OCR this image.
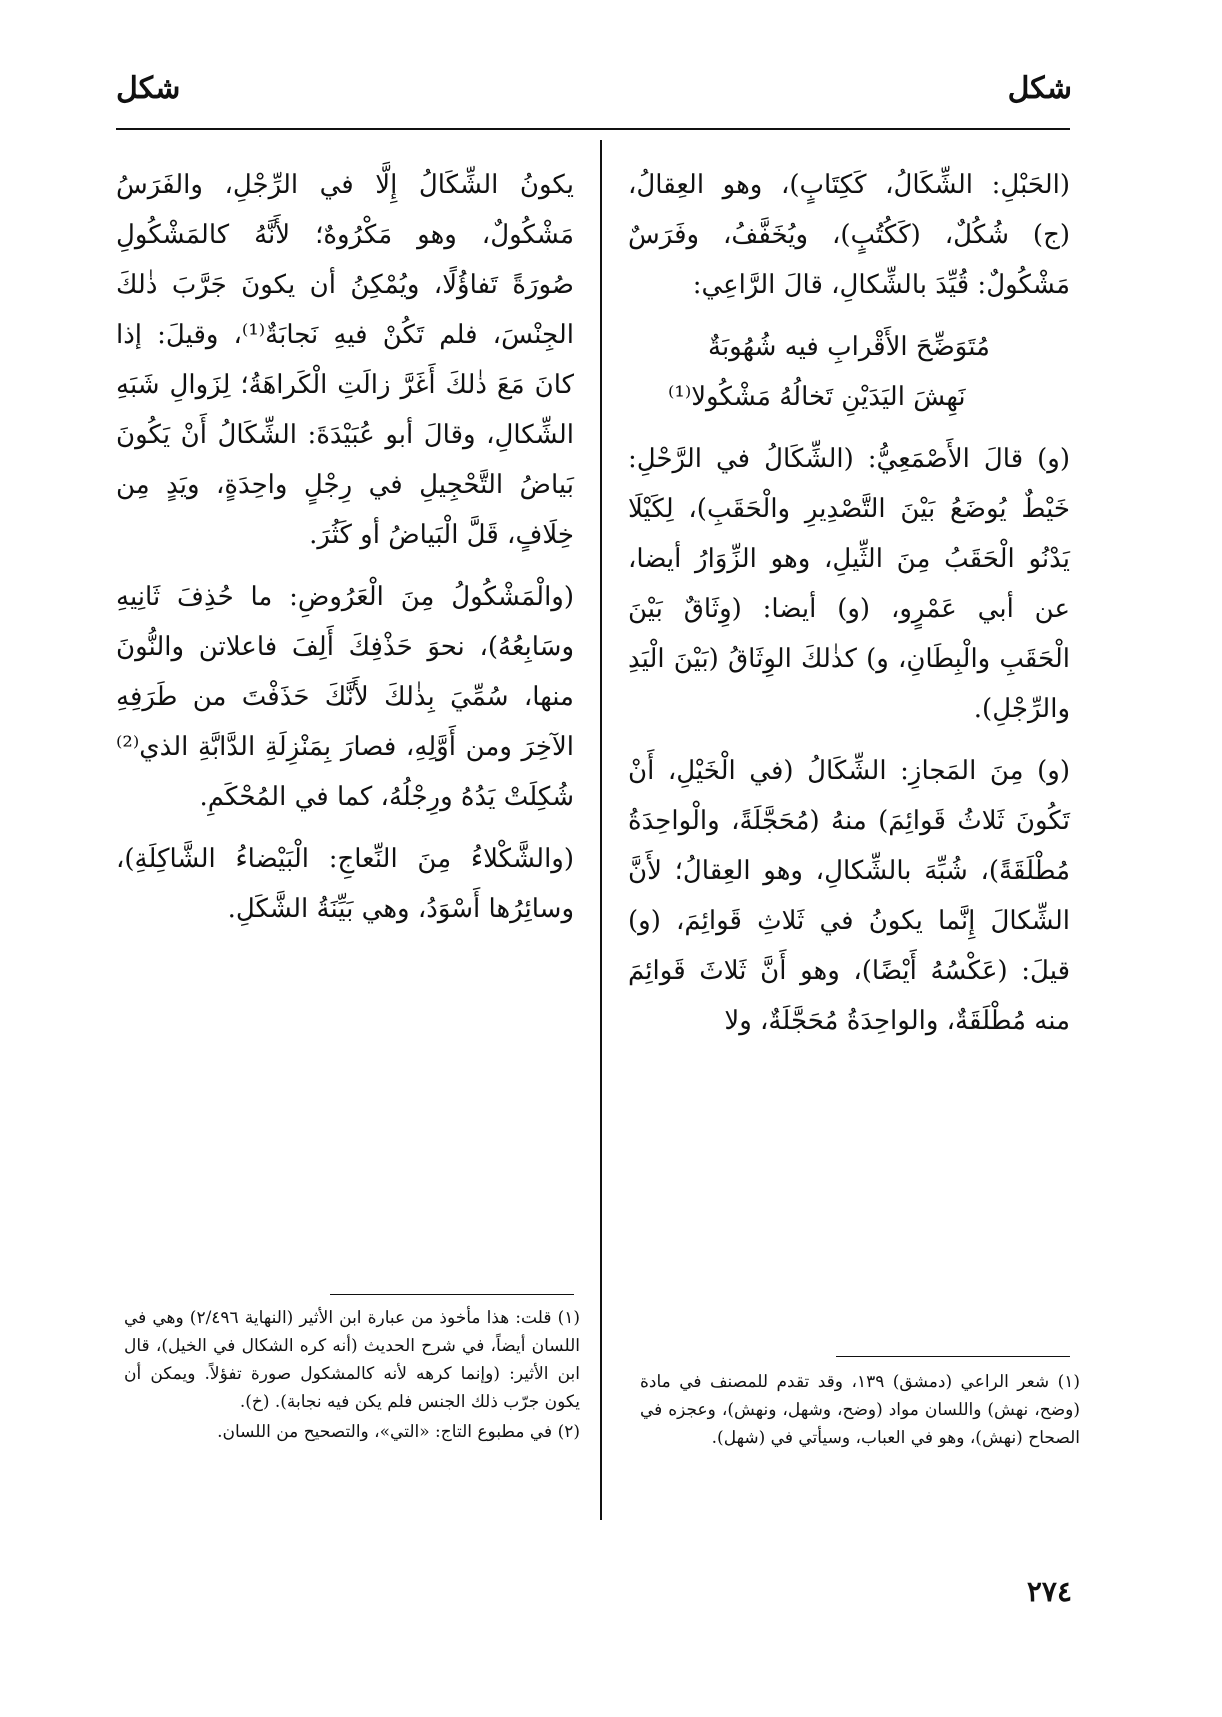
شكل
شكل

(الحَبْلِ: الشِّكَالُ، كَكِتَابٍ)، وهو العِقالُ، (ج) شُكُلٌ، (كَكُتُبٍ)، ويُخَفَّفُ، وفَرَسٌ مَشْكُولٌ: قُيِّدَ بالشِّكالِ، قالَ الرَّاعِي:

مُتَوَضِّحَ الأَقْرابِ فيه شُهُوبَةٌ

نَهِشَ اليَدَيْنِ تَخالُهُ مَشْكُولا⁽¹⁾

(و) قالَ الأَصْمَعِيُّ: (الشِّكَالُ في الرَّحْلِ: خَيْطٌ يُوضَعُ بَيْنَ التَّصْدِيرِ والْحَقَبِ)، لِكَيْلَا يَدْنُو الْحَقَبُ مِنَ الثِّيلِ، وهو الزِّوَارُ أيضا، عن أبي عَمْرٍو، (و) أيضا: (وِثَاقٌ بَيْنَ الْحَقَبِ والْبِطَانِ، و) كذٰلكَ الوِثَاقُ (بَيْنَ الْيَدِ والرِّجْلِ).

(و) مِنَ المَجازِ: الشِّكَالُ (في الْخَيْلِ، أَنْ تَكُونَ ثَلاثُ قَوائِمَ) منهُ (مُحَجَّلَةً، والْواحِدَةُ مُطْلَقَةً)، شُبِّهَ بالشِّكالِ، وهو العِقالُ؛ لأَنَّ الشِّكالَ إِنَّما يكونُ في ثَلاثِ قَوائِمَ، (و) قيلَ: (عَكْسُهُ أَيْضًا)، وهو أَنَّ ثَلاثَ قَوائِمَ منه مُطْلَقَةٌ، والواحِدَةُ مُحَجَّلَةٌ، ولا

يكونُ الشِّكَالُ إِلَّا في الرِّجْلِ، والفَرَسُ مَشْكُولٌ، وهو مَكْرُوهٌ؛ لأَنَّهُ كالمَشْكُولِ صُورَةً تَفاؤُلًا، ويُمْكِنُ أن يكونَ جَرَّبَ ذٰلكَ الجِنْسَ، فلم تَكُنْ فيهِ نَجابَةٌ⁽¹⁾، وقيلَ: إذا كانَ مَعَ ذٰلكَ أَغَرَّ زالَتِ الْكَراهَةُ؛ لِزَوالِ شَبَهِ الشِّكالِ، وقالَ أبو عُبَيْدَةَ: الشِّكَالُ أَنْ يَكُونَ بَياضُ التَّحْجِيلِ في رِجْلٍ واحِدَةٍ، ويَدٍ مِن خِلَافٍ، قَلَّ الْبَياضُ أو كَثُرَ.

(والْمَشْكُولُ مِنَ الْعَرُوضِ: ما حُذِفَ ثَانِيهِ وسَابِعُهُ)، نحوَ حَذْفِكَ أَلِفَ فاعلاتن والنُّونَ منها، سُمِّيَ بِذٰلكَ لأَنَّكَ حَذَفْتَ من طَرَفِهِ الآخِرَ ومن أَوَّلِهِ، فصارَ بِمَنْزِلَةِ الدَّابَّةِ الذي⁽²⁾ شُكِلَتْ يَدُهُ ورِجْلُهُ، كما في المُحْكَمِ.

(والشَّكْلاءُ مِنَ النِّعاجِ: الْبَيْضاءُ الشَّاكِلَةِ)، وسائِرُها أَسْوَدُ، وهي بَيِّنَةُ الشَّكَلِ.

(١) شعر الراعي (دمشق) ١٣٩، وقد تقدم للمصنف في مادة (وضح، نهش) واللسان مواد (وضح، وشهل، ونهش)، وعجزه في الصحاح (نهش)، وهو في العباب، وسيأتي في (شهل).

(١) قلت: هذا مأخوذ من عبارة ابن الأثير (النهاية ٢/٤٩٦) وهي في اللسان أيضاً، في شرح الحديث (أنه كره الشكال في الخيل)، قال ابن الأثير: (وإنما كرهه لأنه كالمشكول صورة تفؤلاً. ويمكن أن يكون جرّب ذلك الجنس فلم يكن فيه نجابة). (خ).

(٢) في مطبوع التاج: «التي»، والتصحيح من اللسان.

٢٧٤
